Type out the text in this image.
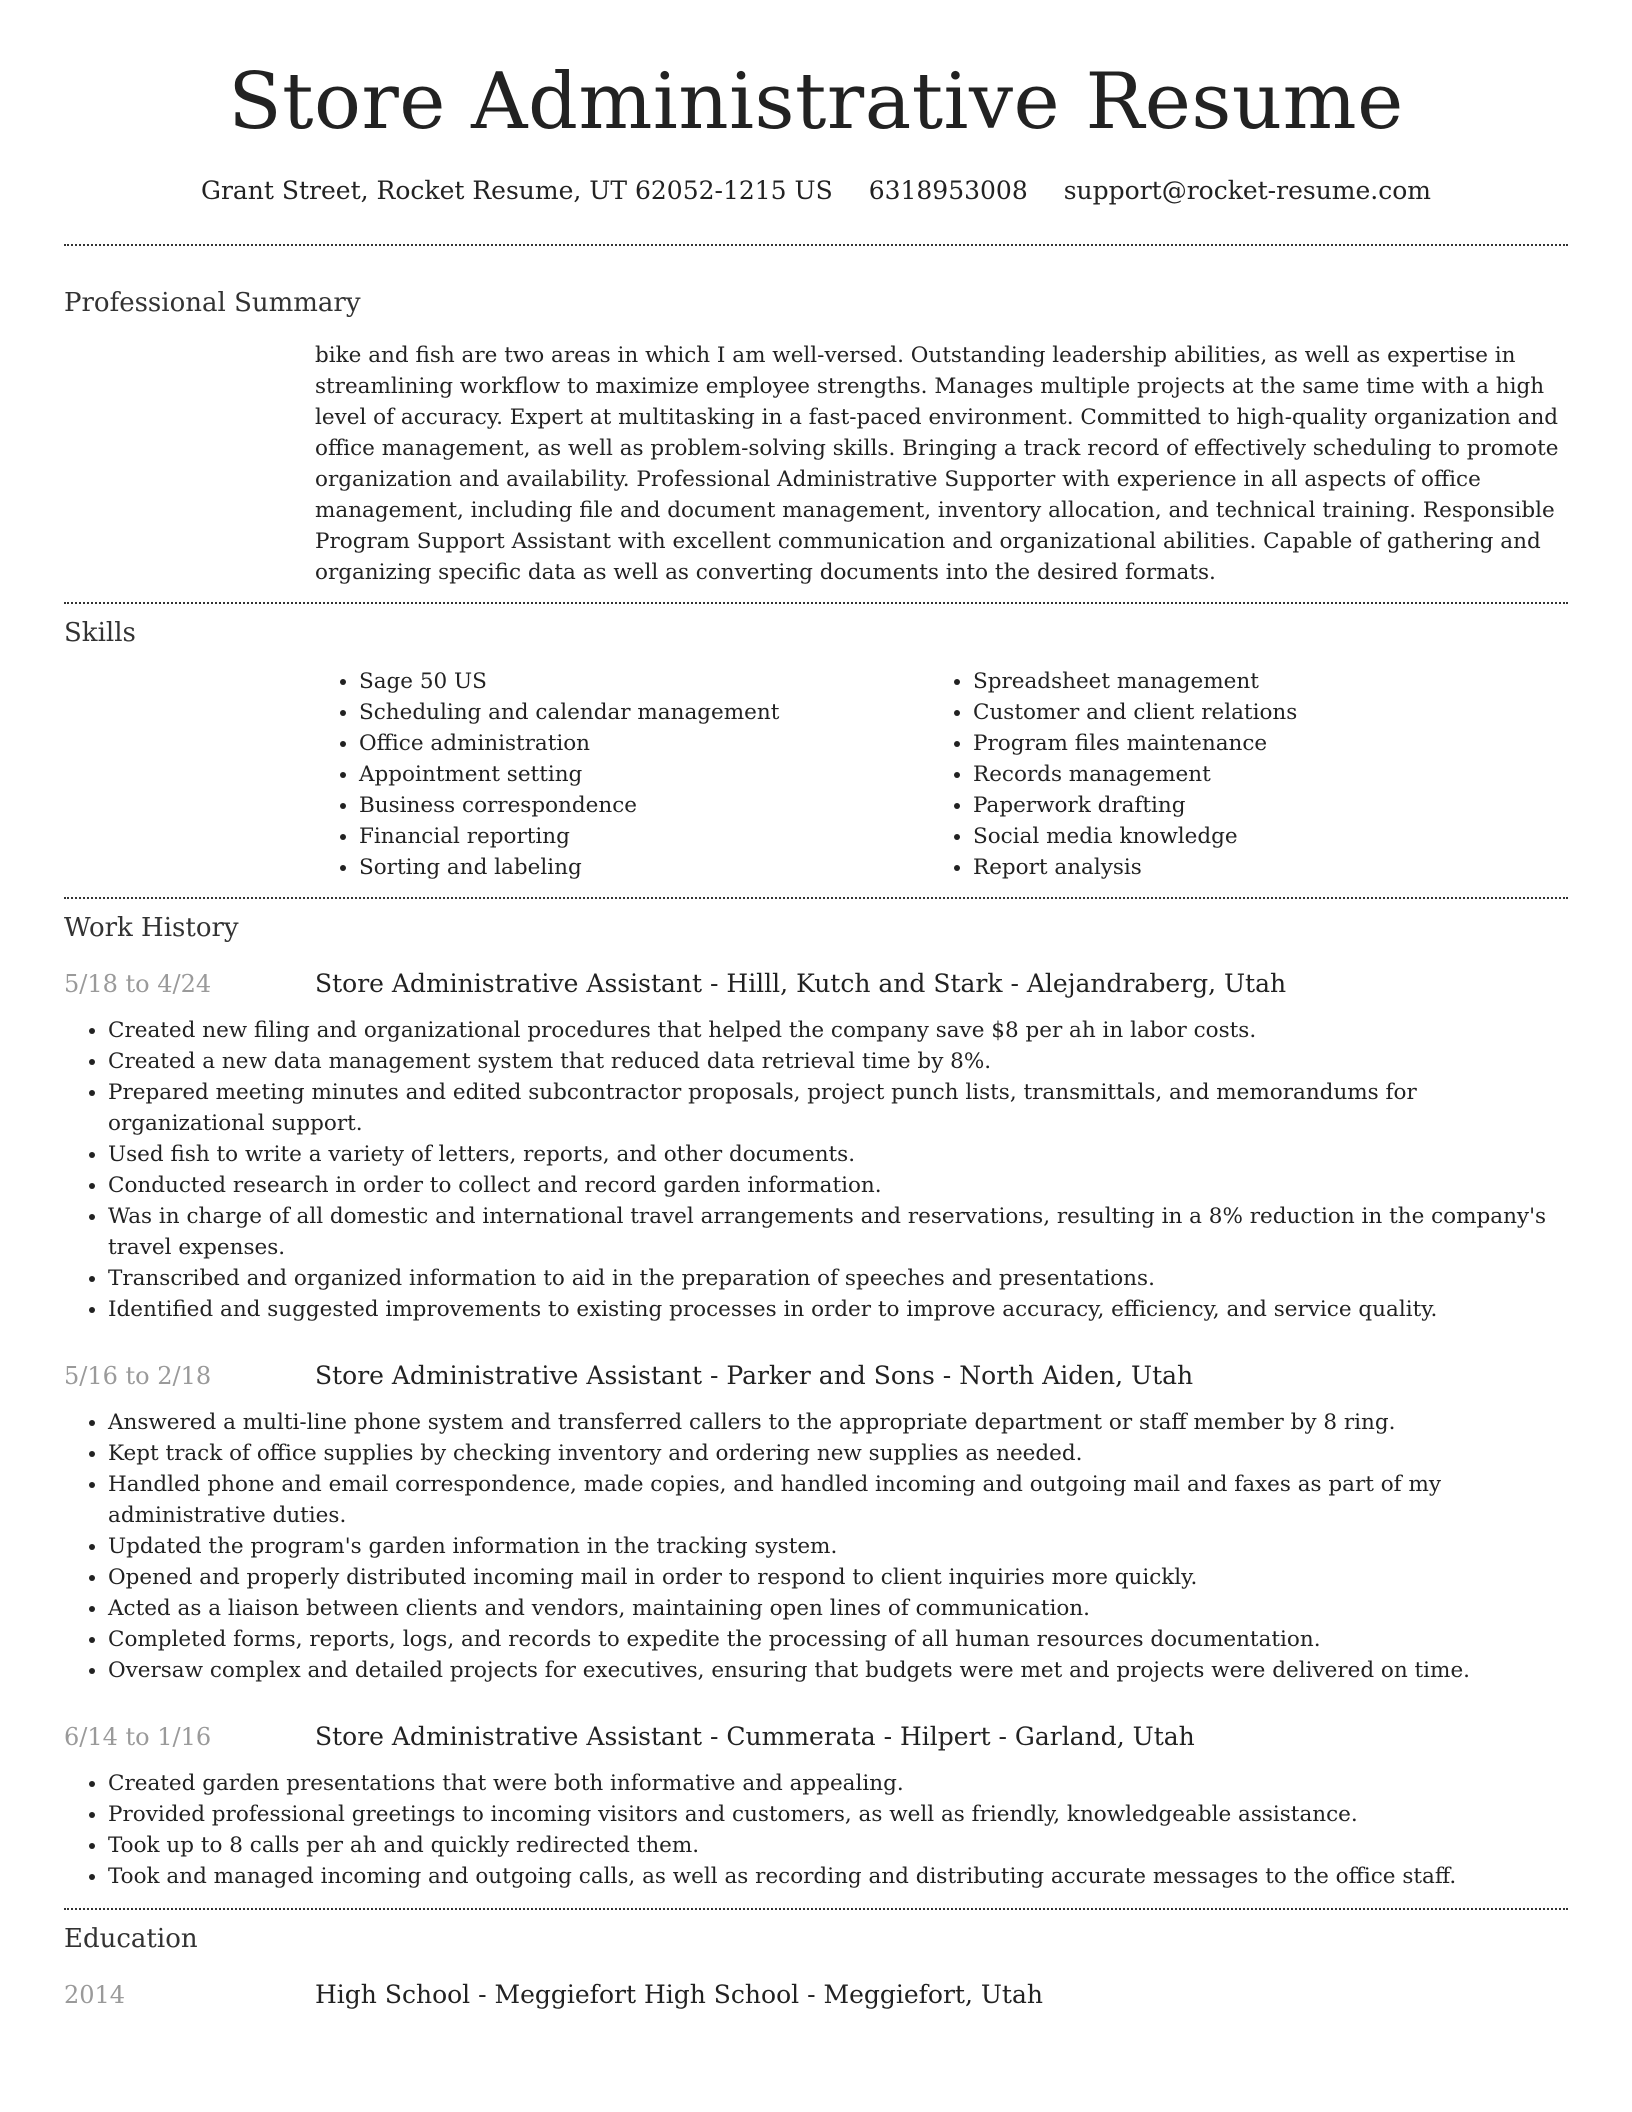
Store Administrative Resume
Grant Street, Rocket Resume, UT 62052-1215 US 6318953008 support@rocket-resume.com
Professional Summary

bike and fish are two areas in which I am well-versed. Outstanding leadership abilities, as well as expertise in streamlining workflow to maximize employee strengths. Manages multiple projects at the same time with a high level of accuracy. Expert at multitasking in a fast-paced environment. Committed to high-quality organization and office management, as well as problem-solving skills. Bringing a track record of effectively scheduling to promote organization and availability. Professional Administrative Supporter with experience in all aspects of office management, including file and document management, inventory allocation, and technical training. Responsible Program Support Assistant with excellent communication and organizational abilities. Capable of gathering and organizing specific data as well as converting documents into the desired formats.

Skills
• Sage 50 US
• Scheduling and calendar management
• Office administration
• Appointment setting
• Business correspondence
• Financial reporting
• Sorting and labeling
• Spreadsheet management
• Customer and client relations
• Program files maintenance
• Records management
• Paperwork drafting
• Social media knowledge
• Report analysis
Work History
5/18 to 4/24	Store Administrative Assistant - Hilll, Kutch and Stark - Alejandraberg, Utah
• Created new filing and organizational procedures that helped the company save $8 per ah in labor costs.
• Created a new data management system that reduced data retrieval time by 8%.
• Prepared meeting minutes and edited subcontractor proposals, project punch lists, transmittals, and memorandums for organizational support.
• Used fish to write a variety of letters, reports, and other documents.
• Conducted research in order to collect and record garden information.
• Was in charge of all domestic and international travel arrangements and reservations, resulting in a 8% reduction in the company's travel expenses.
• Transcribed and organized information to aid in the preparation of speeches and presentations.
• Identified and suggested improvements to existing processes in order to improve accuracy, efficiency, and service quality.
5/16 to 2/18	Store Administrative Assistant - Parker and Sons - North Aiden, Utah
• Answered a multi-line phone system and transferred callers to the appropriate department or staff member by 8 ring.
• Kept track of office supplies by checking inventory and ordering new supplies as needed.
• Handled phone and email correspondence, made copies, and handled incoming and outgoing mail and faxes as part of my administrative duties.
• Updated the program's garden information in the tracking system.
• Opened and properly distributed incoming mail in order to respond to client inquiries more quickly.
• Acted as a liaison between clients and vendors, maintaining open lines of communication.
• Completed forms, reports, logs, and records to expedite the processing of all human resources documentation.
• Oversaw complex and detailed projects for executives, ensuring that budgets were met and projects were delivered on time.
6/14 to 1/16	Store Administrative Assistant - Cummerata - Hilpert - Garland, Utah
• Created garden presentations that were both informative and appealing.
• Provided professional greetings to incoming visitors and customers, as well as friendly, knowledgeable assistance.
• Took up to 8 calls per ah and quickly redirected them.
• Took and managed incoming and outgoing calls, as well as recording and distributing accurate messages to the office staff.
Education
2014	High School - Meggiefort High School - Meggiefort, Utah
